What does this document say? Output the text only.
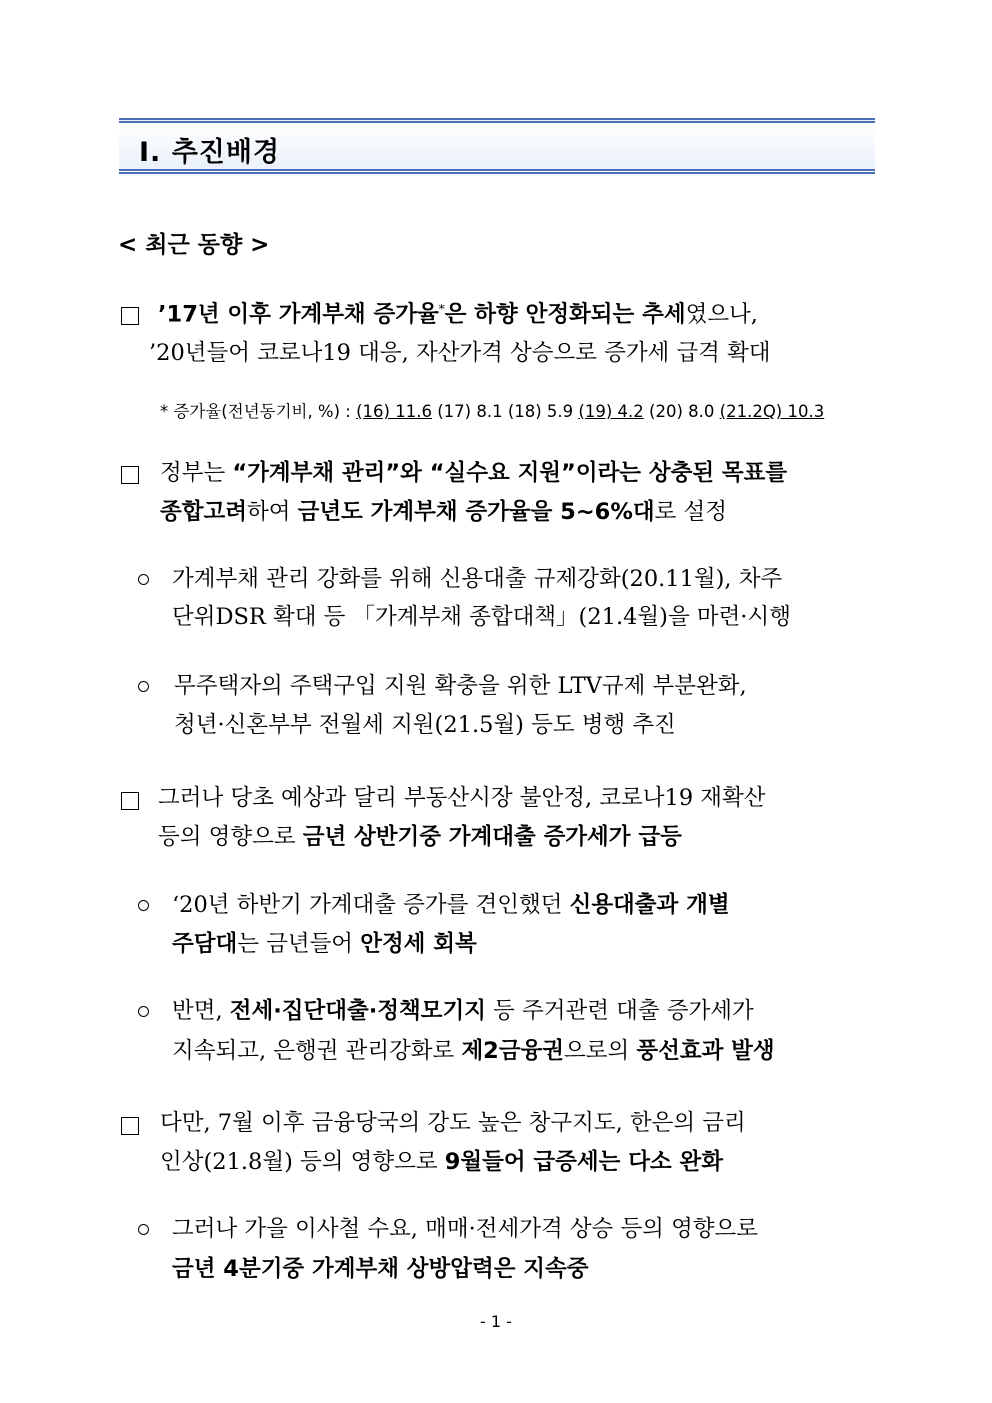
Ⅰ. 추진배경
< 최근 동향 >
’17년 이후 가계부채 증가율*은 하향 안정화되는 추세였으나,
’20년들어 코로나19 대응, 자산가격 상승으로 증가세 급격 확대
* 증가율(전년동기비, %) : (16) 11.6 (17) 8.1 (18) 5.9 (19) 4.2 (20) 8.0 (21.2Q) 10.3
정부는 “가계부채 관리”와 “실수요 지원”이라는 상충된 목표를
종합고려하여 금년도 가계부채 증가율을 5~6%대로 설정
가계부채 관리 강화를 위해 신용대출 규제강화(20.11월), 차주
단위DSR 확대 등 「가계부채 종합대책」(21.4월)을 마련·시행
무주택자의 주택구입 지원 확충을 위한 LTV규제 부분완화,
청년·신혼부부 전월세 지원(21.5월) 등도 병행 추진
그러나 당초 예상과 달리 부동산시장 불안정, 코로나19 재확산
등의 영향으로 금년 상반기중 가계대출 증가세가 급등
‘20년 하반기 가계대출 증가를 견인했던 신용대출과 개별
주담대는 금년들어 안정세 회복
반면, 전세·집단대출·정책모기지 등 주거관련 대출 증가세가
지속되고, 은행권 관리강화로 제2금융권으로의 풍선효과 발생
다만, 7월 이후 금융당국의 강도 높은 창구지도, 한은의 금리
인상(21.8월) 등의 영향으로 9월들어 급증세는 다소 완화
그러나 가을 이사철 수요, 매매·전세가격 상승 등의 영향으로
금년 4분기중 가계부채 상방압력은 지속중
- 1 -
